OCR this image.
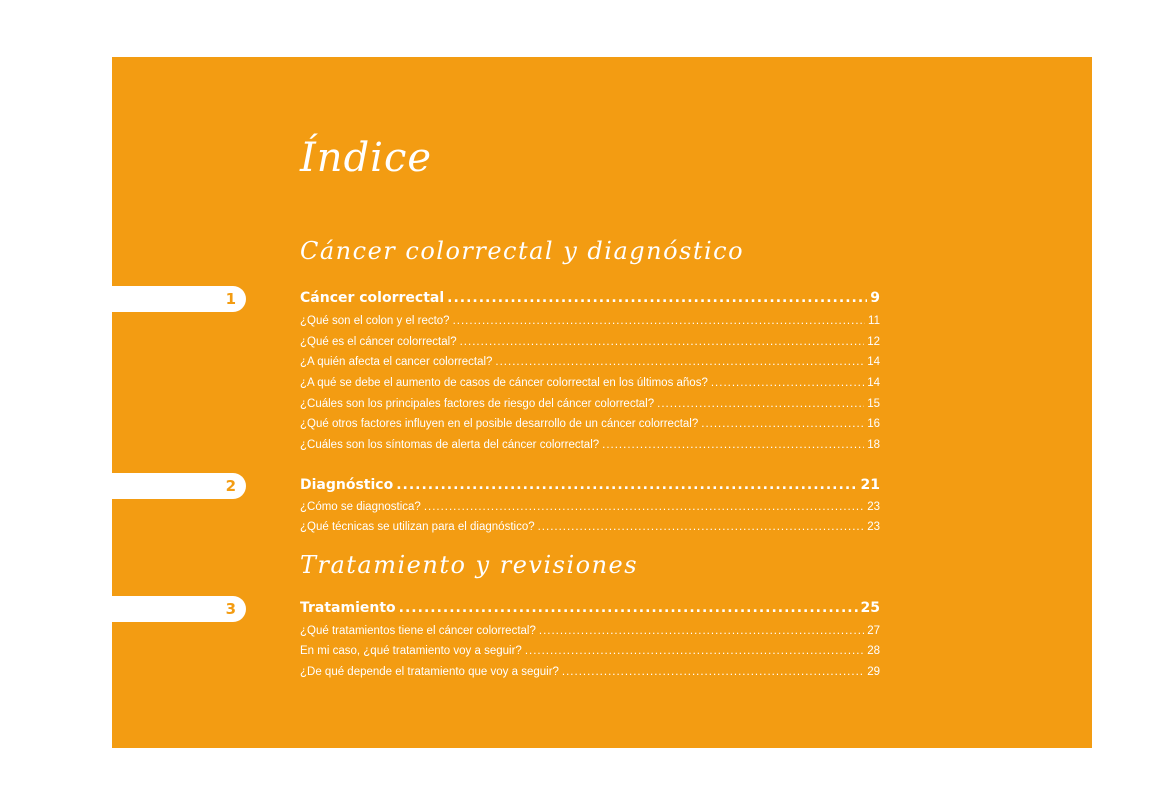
Índice
Cáncer colorrectal y diagnóstico
1	Cáncer colorrectal .....	9
¿Qué son el colon y el recto? .....	11
¿Qué es el cáncer colorrectal? .....	12
¿A quién afecta el cancer colorrectal? .....	14
¿A qué se debe el aumento de casos de cáncer colorrectal en los últimos años? .....	14
¿Cuáles son los principales factores de riesgo del cáncer colorrectal? .....	15
¿Qué otros factores influyen en el posible desarrollo de un cáncer colorrectal? .....	16
¿Cuáles son los síntomas de alerta del cáncer colorrectal? .....	18
2	Diagnóstico .....	21
¿Cómo se diagnostica? .....	23
¿Qué técnicas se utilizan para el diagnóstico? .....	23
Tratamiento y revisiones
3	Tratamiento .....	25
¿Qué tratamientos tiene el cáncer colorrectal? .....	27
En mi caso, ¿qué tratamiento voy a seguir? .....	28
¿De qué depende el tratamiento que voy a seguir? .....	29
